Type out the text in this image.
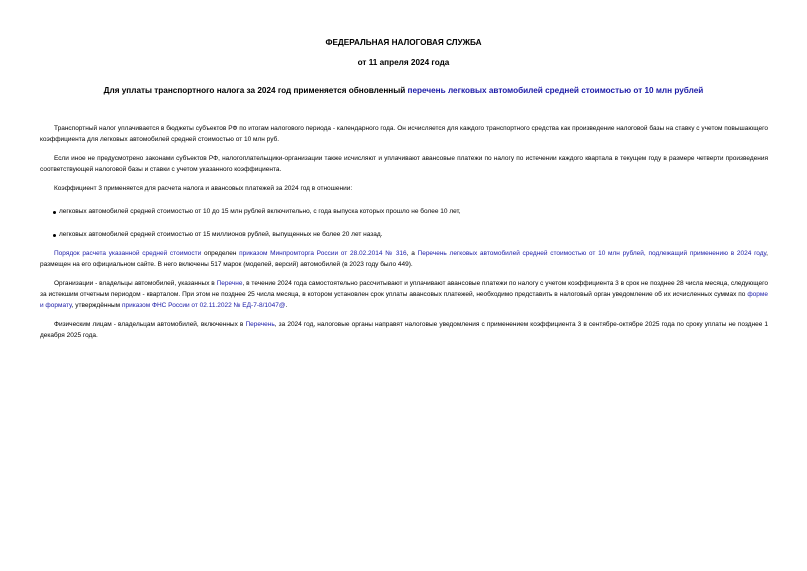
ФЕДЕРАЛЬНАЯ НАЛОГОВАЯ СЛУЖБА
от 11 апреля 2024 года
Для уплаты транспортного налога за 2024 год применяется обновленный перечень легковых автомобилей средней стоимостью от 10 млн рублей

Транспортный налог уплачивается в бюджеты субъектов РФ по итогам налогового периода - календарного года. Он исчисляется для каждого транспортного средства как произведение налоговой базы на ставку с учетом повышающего коэффициента для легковых автомобилей средней стоимостью от 10 млн руб.

Если иное не предусмотрено законами субъектов РФ, налогоплательщики-организации также исчисляют и уплачивают авансовые платежи по налогу по истечении каждого квартала в текущем году в размере четверти произведения соответствующей налоговой базы и ставки с учетом указанного коэффициента.

Коэффициент 3 применяется для расчета налога и авансовых платежей за 2024 год в отношении:

легковых автомобилей средней стоимостью от 10 до 15 млн рублей включительно, с года выпуска которых прошло не более 10 лет,

легковых автомобилей средней стоимостью от 15 миллионов рублей, выпущенных не более 20 лет назад.

Порядок расчета указанной средней стоимости определен приказом Минпромторга России от 28.02.2014 № 316, а Перечень легковых автомобилей средней стоимостью от 10 млн рублей, подлежащий применению в 2024 году, размещен на его официальном сайте. В него включены 517 марок (моделей, версий) автомобилей (в 2023 году было 449).

Организации - владельцы автомобилей, указанных в Перечне, в течение 2024 года самостоятельно рассчитывают и уплачивают авансовые платежи по налогу с учетом коэффициента 3 в срок не позднее 28 числа месяца, следующего за истекшим отчетным периодом - кварталом. При этом не позднее 25 числа месяца, в котором установлен срок уплаты авансовых платежей, необходимо представить в налоговый орган уведомление об их исчисленных суммах по форме и формату, утверждённым приказом ФНС России от 02.11.2022 № ЕД-7-8/1047@.

Физическим лицам - владельцам автомобилей, включенных в Перечень, за 2024 год, налоговые органы направят налоговые уведомления с применением коэффициента 3 в сентябре-октябре 2025 года по сроку уплаты не позднее 1 декабря 2025 года.
